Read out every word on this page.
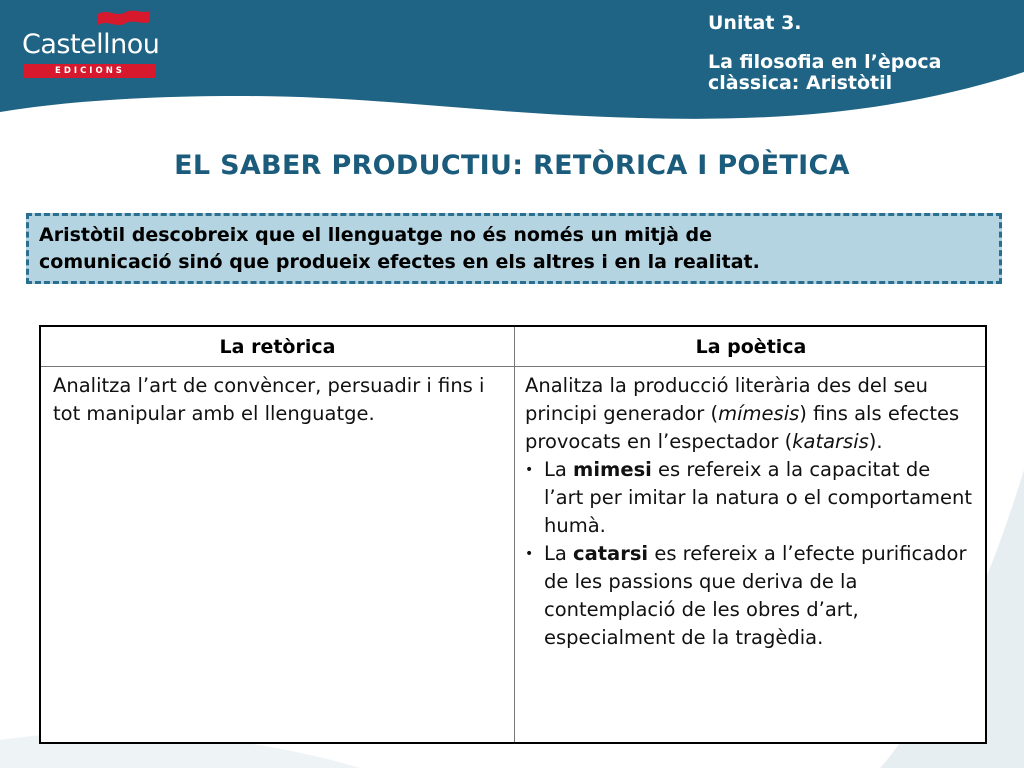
Castellnou
EDICIONS
Unitat 3.
La filosofia en l’època
clàssica: Aristòtil
EL SABER PRODUCTIU: RETÒRICA I POÈTICA
Aristòtil descobreix que el llenguatge no és només un mitjà de
comunicació sinó que produeix efectes en els altres i en la realitat.
La retòrica	La poètica
Analitza l’art de convèncer, persuadir i fins i tot manipular amb el llenguatge.

Analitza la producció literària des del seu principi generador (mímesis) fins als efectes provocats en l’espectador (katarsis).

• La mimesi es refereix a la capacitat de l’art per imitar la natura o el comportament humà.

• La catarsi es refereix a l’efecte purificador de les passions que deriva de la contemplació de les obres d’art, especialment de la tragèdia.
